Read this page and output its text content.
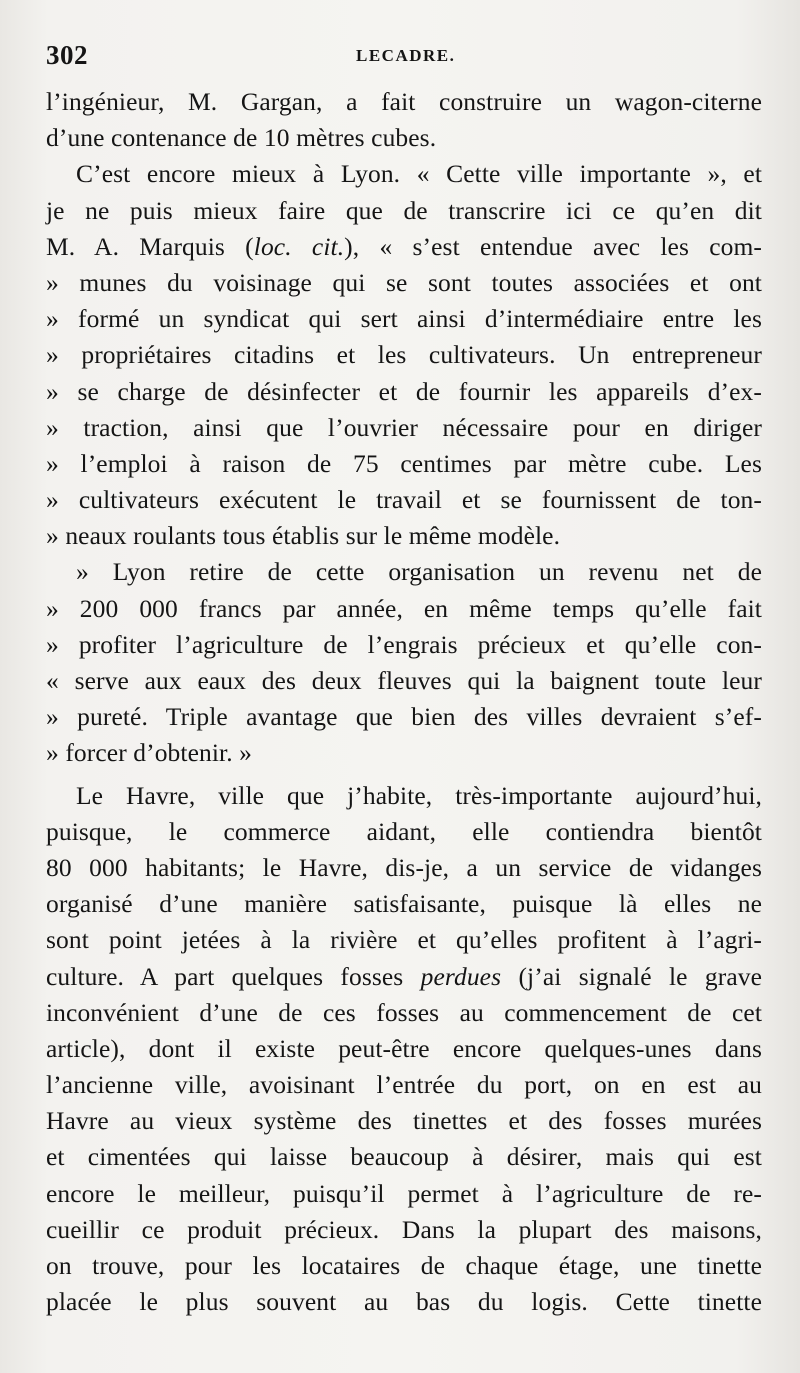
302	LECADRE.
l’ingénieur, M. Gargan, a fait construire un wagon-citerne
d’une contenance de 10 mètres cubes.
C’est encore mieux à Lyon. « Cette ville importante », et
je ne puis mieux faire que de transcrire ici ce qu’en dit
M. A. Marquis (loc. cit.), « s’est entendue avec les com-
» munes du voisinage qui se sont toutes associées et ont
» formé un syndicat qui sert ainsi d’intermédiaire entre les
» propriétaires citadins et les cultivateurs. Un entrepreneur
» se charge de désinfecter et de fournir les appareils d’ex-
» traction, ainsi que l’ouvrier nécessaire pour en diriger
» l’emploi à raison de 75 centimes par mètre cube. Les
» cultivateurs exécutent le travail et se fournissent de ton-
» neaux roulants tous établis sur le même modèle.
» Lyon retire de cette organisation un revenu net de
» 200 000 francs par année, en même temps qu’elle fait
» profiter l’agriculture de l’engrais précieux et qu’elle con-
« serve aux eaux des deux fleuves qui la baignent toute leur
» pureté. Triple avantage que bien des villes devraient s’ef-
» forcer d’obtenir. »
Le Havre, ville que j’habite, très-importante aujourd’hui,
puisque, le commerce aidant, elle contiendra bientôt
80 000 habitants; le Havre, dis-je, a un service de vidanges
organisé d’une manière satisfaisante, puisque là elles ne
sont point jetées à la rivière et qu’elles profitent à l’agri-
culture. A part quelques fosses perdues (j’ai signalé le grave
inconvénient d’une de ces fosses au commencement de cet
article), dont il existe peut-être encore quelques-unes dans
l’ancienne ville, avoisinant l’entrée du port, on en est au
Havre au vieux système des tinettes et des fosses murées
et cimentées qui laisse beaucoup à désirer, mais qui est
encore le meilleur, puisqu’il permet à l’agriculture de re-
cueillir ce produit précieux. Dans la plupart des maisons,
on trouve, pour les locataires de chaque étage, une tinette
placée le plus souvent au bas du logis. Cette tinette
